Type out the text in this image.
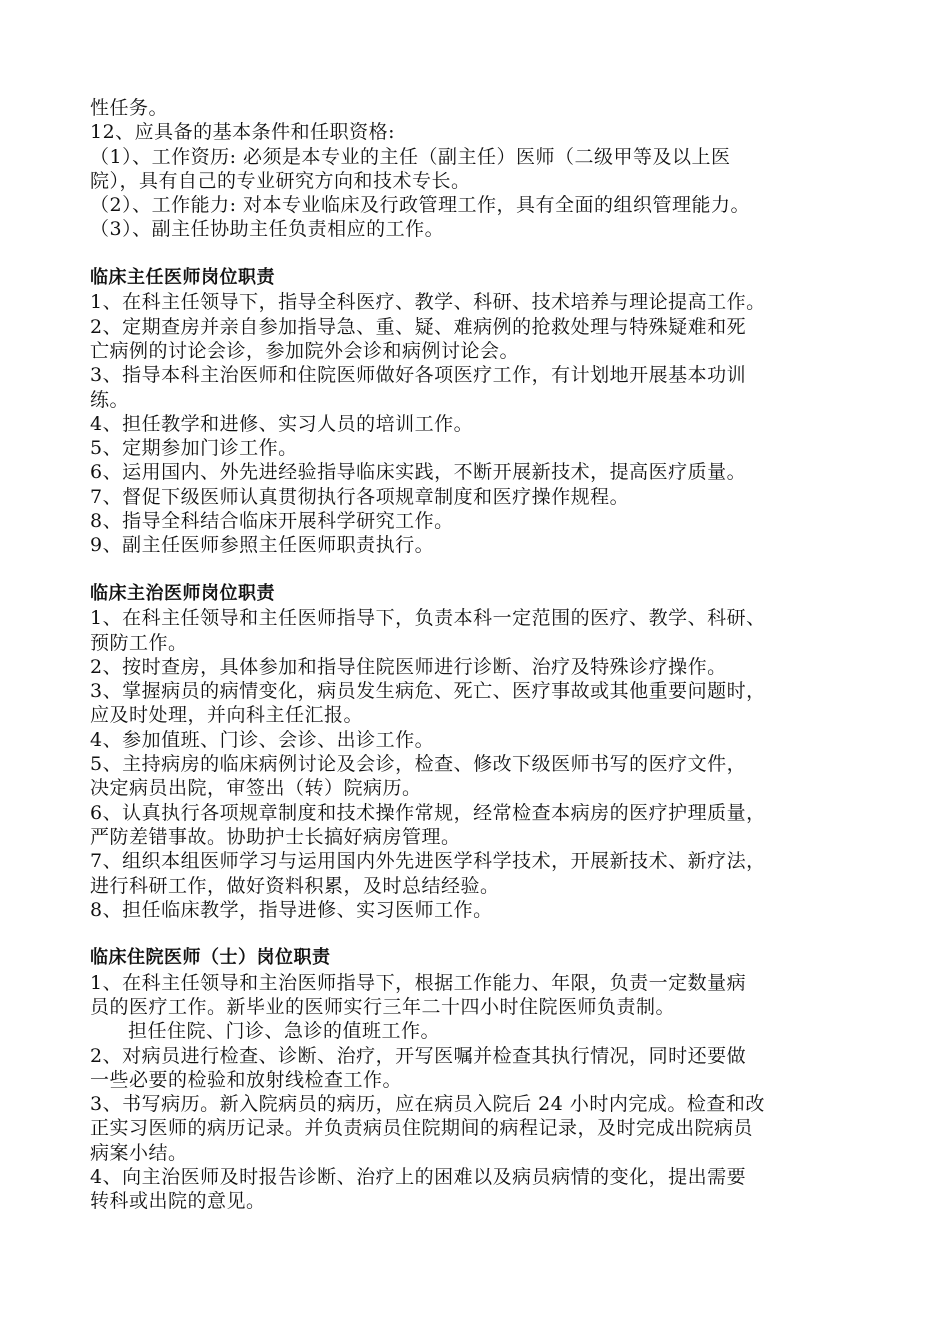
性任务。
12、应具备的基本条件和任职资格:
（1）、工作资历: 必须是本专业的主任（副主任）医师（二级甲等及以上医
院），具有自己的专业研究方向和技术专长。
（2）、工作能力: 对本专业临床及行政管理工作，具有全面的组织管理能力。
（3）、副主任协助主任负责相应的工作。
临床主任医师岗位职责
1、在科主任领导下，指导全科医疗、教学、科研、技术培养与理论提高工作。
2、定期查房并亲自参加指导急、重、疑、难病例的抢救处理与特殊疑难和死
亡病例的讨论会诊，参加院外会诊和病例讨论会。
3、指导本科主治医师和住院医师做好各项医疗工作，有计划地开展基本功训
练。
4、担任教学和进修、实习人员的培训工作。
5、定期参加门诊工作。
6、运用国内、外先进经验指导临床实践，不断开展新技术，提高医疗质量。
7、督促下级医师认真贯彻执行各项规章制度和医疗操作规程。
8、指导全科结合临床开展科学研究工作。
9、副主任医师参照主任医师职责执行。
临床主治医师岗位职责
1、在科主任领导和主任医师指导下，负责本科一定范围的医疗、教学、科研、
预防工作。
2、按时查房，具体参加和指导住院医师进行诊断、治疗及特殊诊疗操作。
3、掌握病员的病情变化，病员发生病危、死亡、医疗事故或其他重要问题时，
应及时处理，并向科主任汇报。
4、参加值班、门诊、会诊、出诊工作。
5、主持病房的临床病例讨论及会诊，检查、修改下级医师书写的医疗文件，
决定病员出院，审签出（转）院病历。
6、认真执行各项规章制度和技术操作常规，经常检查本病房的医疗护理质量，
严防差错事故。协助护士长搞好病房管理。
7、组织本组医师学习与运用国内外先进医学科学技术，开展新技术、新疗法，
进行科研工作，做好资料积累，及时总结经验。
8、担任临床教学，指导进修、实习医师工作。
临床住院医师（士）岗位职责
1、在科主任领导和主治医师指导下，根据工作能力、年限，负责一定数量病
员的医疗工作。新毕业的医师实行三年二十四小时住院医师负责制。
担任住院、门诊、急诊的值班工作。
2、对病员进行检查、诊断、治疗，开写医嘱并检查其执行情况，同时还要做
一些必要的检验和放射线检查工作。
3、书写病历。新入院病员的病历，应在病员入院后 24 小时内完成。检查和改
正实习医师的病历记录。并负责病员住院期间的病程记录，及时完成出院病员
病案小结。
4、向主治医师及时报告诊断、治疗上的困难以及病员病情的变化，提出需要
转科或出院的意见。
